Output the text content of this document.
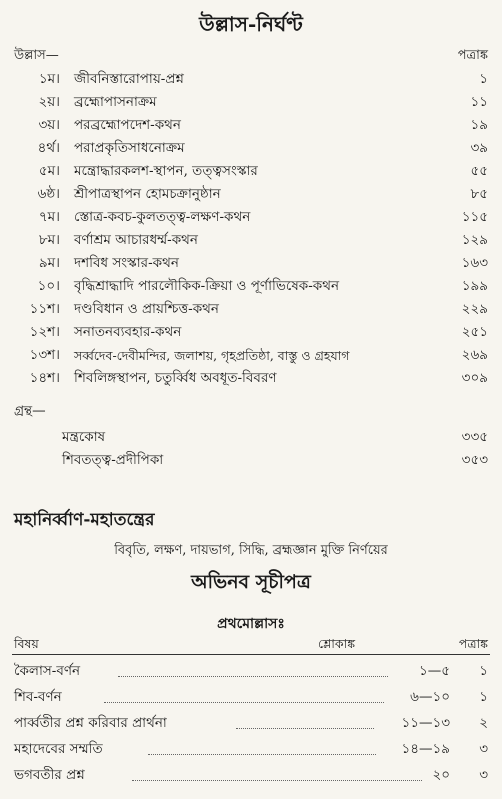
উল্লাস-নির্ঘণ্ট
উল্লাস—	পত্রাঙ্ক
১ম। জীবনিস্তারোপায়-প্রশ্ন	১
২য়। ব্রহ্মোপাসনাক্রম	১১
৩য়। পরব্রহ্মোপদেশ-কথন	১৯
৪র্থ। পরাপ্রকৃতিসাধনোক্রম	৩৯
৫ম। মন্ত্রোদ্ধারকলশ-স্থাপন, তত্ত্বসংস্কার	৫৫
৬ষ্ঠ। শ্রীপাত্রস্থাপন হোমচক্রানুষ্ঠান	৮৫
৭ম। স্তোত্র-কবচ-কুলতত্ত্ব-লক্ষণ-কথন	১১৫
৮ম। বর্ণাশ্রম আচারধর্ম্ম-কথন	১২৯
৯ম। দশবিধ সংস্কার-কথন	১৬৩
১০। বৃদ্ধিশ্রাদ্ধাদি পারলৌকিক-ক্রিয়া ও পূর্ণাভিষেক-কথন	১৯৯
১১শ। দণ্ডবিধান ও প্রায়শ্চিত্ত-কথন	২২৯
১২শ। সনাতনব্যবহার-কথন	২৫১
১৩শ। সর্ব্বদেব-দেবীমন্দির, জলাশয়, গৃহপ্রতিষ্ঠা, বাস্তু ও গ্রহযাগ	২৬৯
১৪শ। শিবলিঙ্গস্থাপন, চতুর্ব্বিধ অবধূত-বিবরণ	৩০৯
গ্রন্থ—
মন্ত্রকোষ	৩৩৫
শিবতত্ত্ব-প্রদীপিকা	৩৫৩
মহানির্ব্বাণ-মহাতন্ত্রের
বিবৃতি, লক্ষণ, দায়ভাগ, সিদ্ধি, ব্রহ্মজ্ঞান মুক্তি নির্ণয়ের
অভিনব সূচীপত্র
প্রথমোল্লাসঃ
বিষয়	শ্লোকাঙ্ক	পত্রাঙ্ক
কৈলাস-বর্ণন	১—৫ ১
শিব-বর্ণন	৬—১০ ১
পার্ব্বতীর প্রশ্ন করিবার প্রার্থনা	১১—১৩ ২
মহাদেবের সম্মতি	১৪—১৯ ৩
ভগবতীর প্রশ্ন	২০ ৩
